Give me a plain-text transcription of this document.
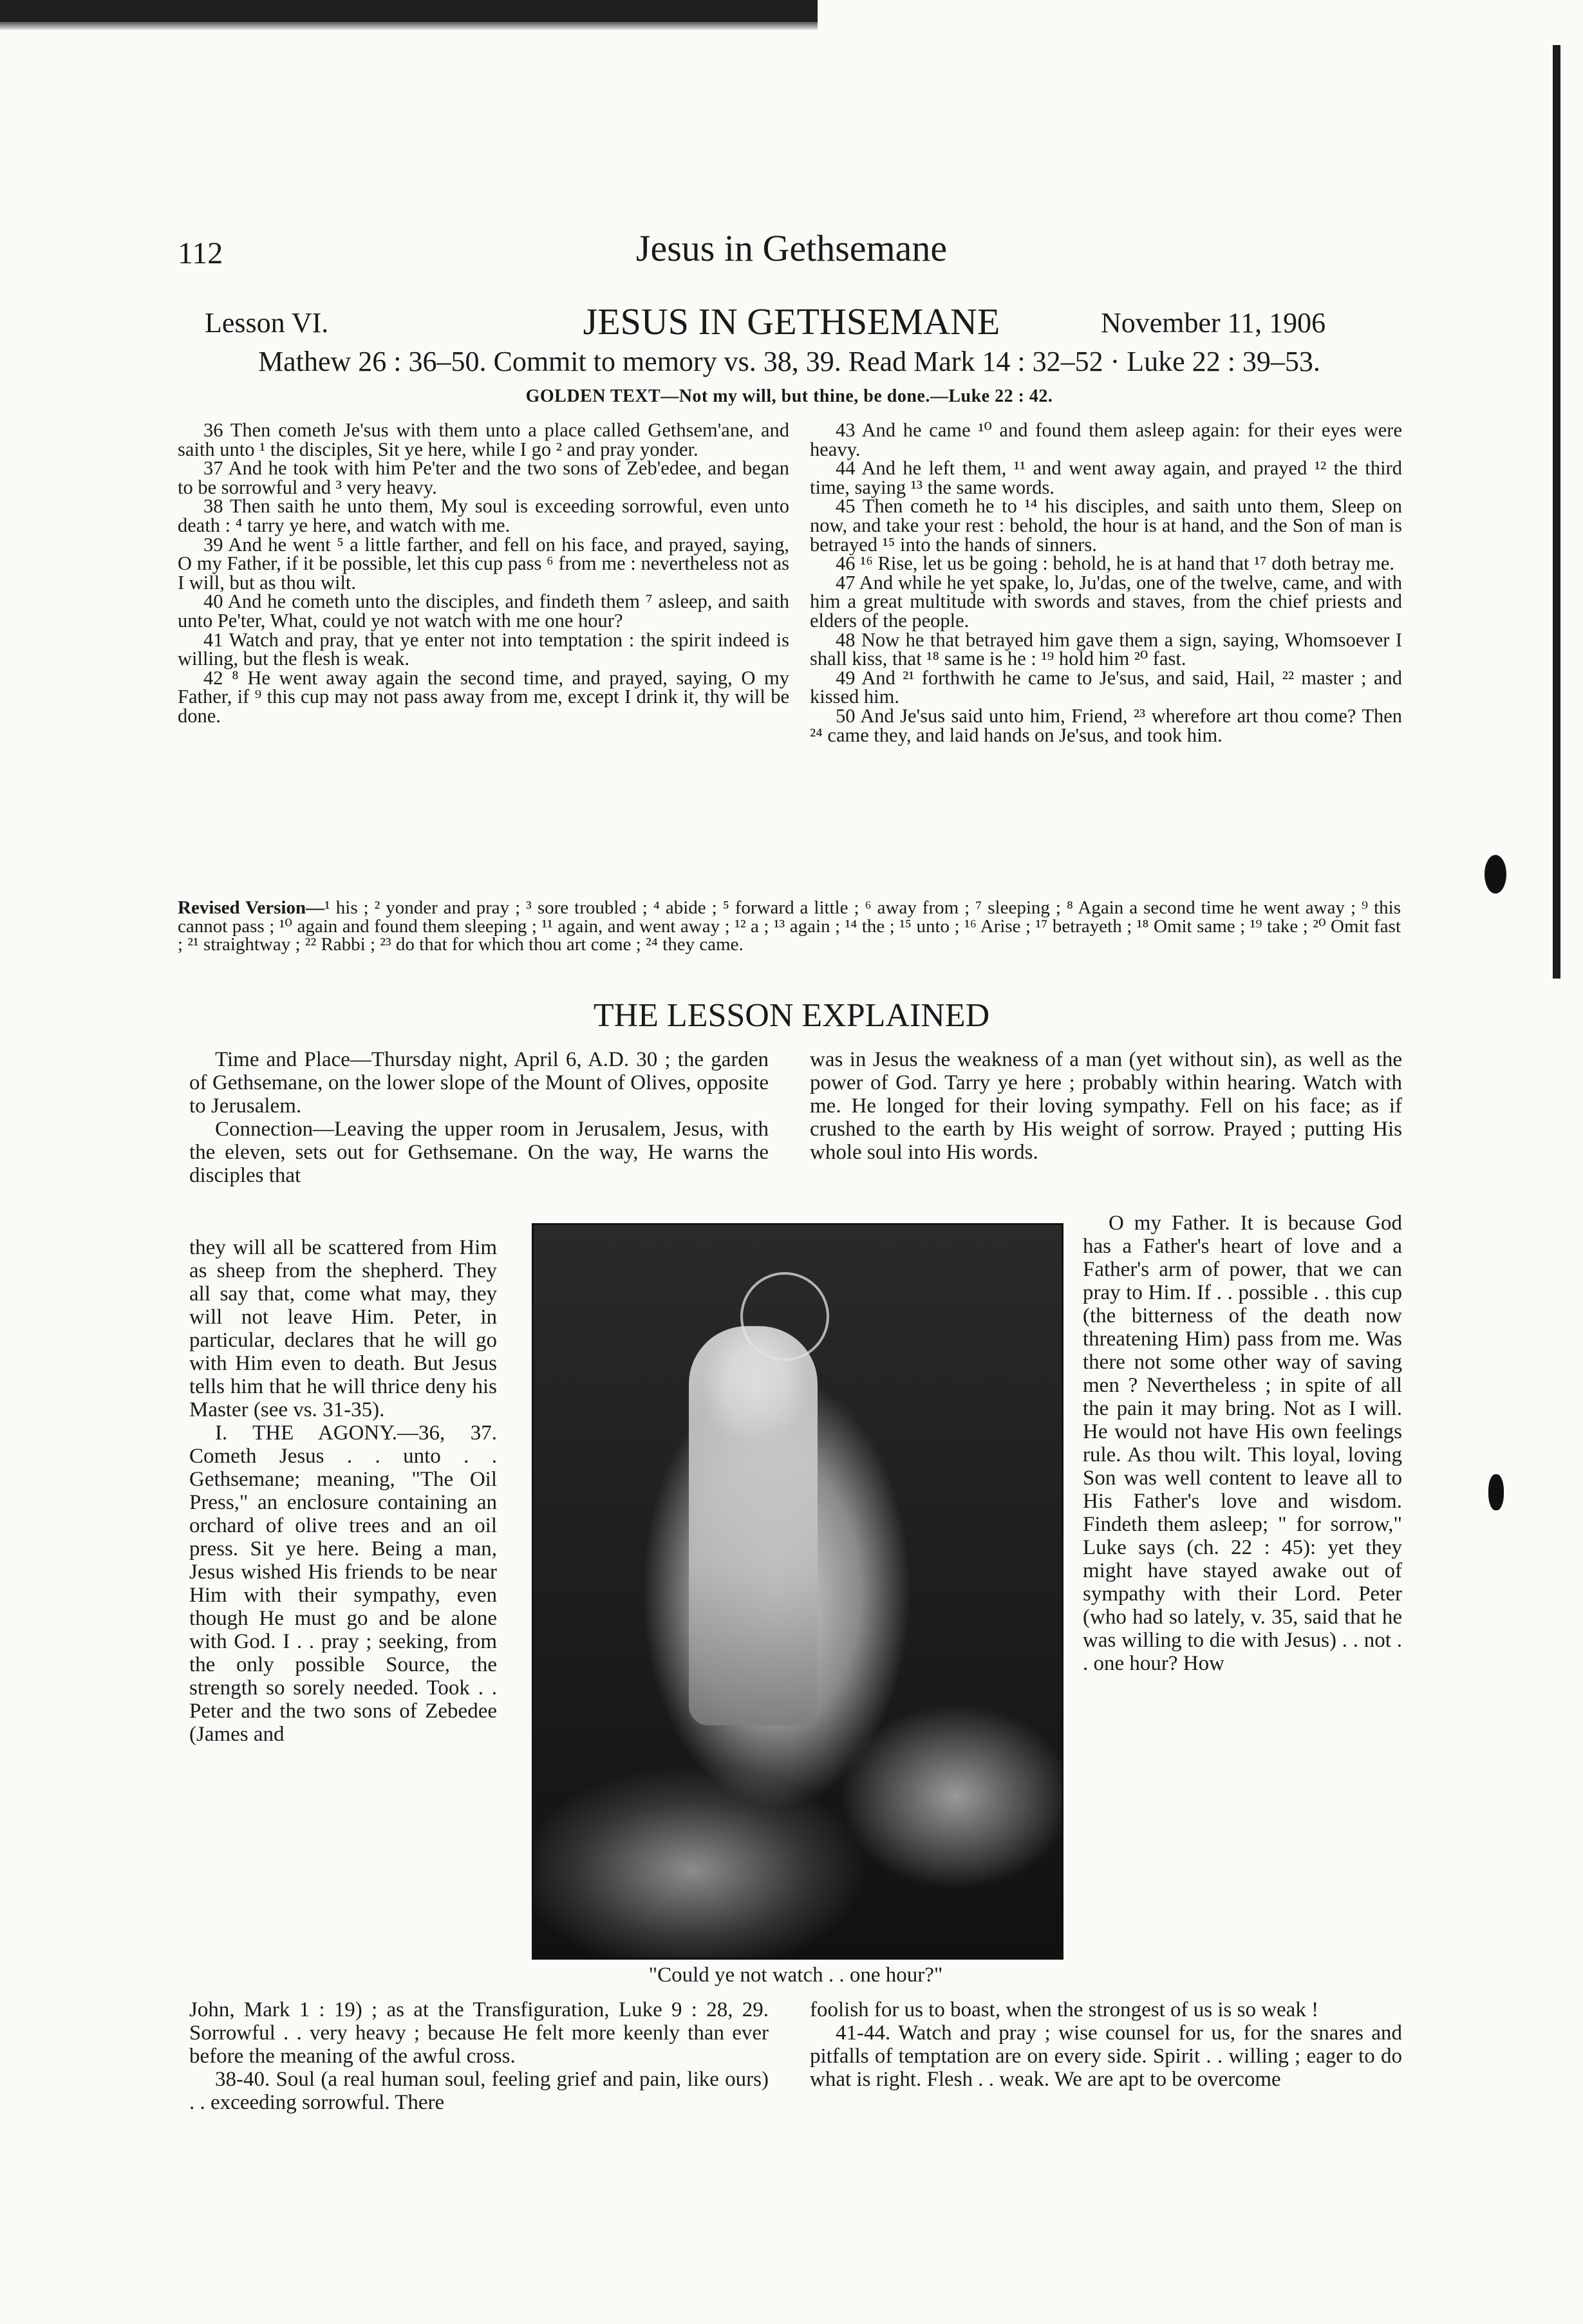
112	Jesus in Gethsemane
Lesson VI.	JESUS IN GETHSEMANE	November 11, 1906
Mathew 26 : 36–50. Commit to memory vs. 38, 39. Read Mark 14 : 32–52 · Luke 22 : 39–53.
GOLDEN TEXT—Not my will, but thine, be done.—Luke 22 : 42.

36 Then cometh Je'sus with them unto a place called Gethsem'ane, and saith unto ¹ the disciples, Sit ye here, while I go ² and pray yonder.

37 And he took with him Pe'ter and the two sons of Zeb'edee, and began to be sorrowful and ³ very heavy.

38 Then saith he unto them, My soul is exceeding sorrowful, even unto death : ⁴ tarry ye here, and watch with me.

39 And he went ⁵ a little farther, and fell on his face, and prayed, saying, O my Father, if it be possible, let this cup pass ⁶ from me : nevertheless not as I will, but as thou wilt.

40 And he cometh unto the disciples, and findeth them ⁷ asleep, and saith unto Pe'ter, What, could ye not watch with me one hour?

41 Watch and pray, that ye enter not into temptation : the spirit indeed is willing, but the flesh is weak.

42 ⁸ He went away again the second time, and prayed, saying, O my Father, if ⁹ this cup may not pass away from me, except I drink it, thy will be done.

43 And he came ¹⁰ and found them asleep again: for their eyes were heavy.

44 And he left them, ¹¹ and went away again, and prayed ¹² the third time, saying ¹³ the same words.

45 Then cometh he to ¹⁴ his disciples, and saith unto them, Sleep on now, and take your rest : behold, the hour is at hand, and the Son of man is betrayed ¹⁵ into the hands of sinners.

46 ¹⁶ Rise, let us be going : behold, he is at hand that ¹⁷ doth betray me.

47 And while he yet spake, lo, Ju'das, one of the twelve, came, and with him a great multitude with swords and staves, from the chief priests and elders of the people.

48 Now he that betrayed him gave them a sign, saying, Whomsoever I shall kiss, that ¹⁸ same is he : ¹⁹ hold him ²⁰ fast.

49 And ²¹ forthwith he came to Je'sus, and said, Hail, ²² master ; and kissed him.

50 And Je'sus said unto him, Friend, ²³ wherefore art thou come? Then ²⁴ came they, and laid hands on Je'sus, and took him.

Revised Version—¹ his ; ² yonder and pray ; ³ sore troubled ; ⁴ abide ; ⁵ forward a little ; ⁶ away from ; ⁷ sleeping ; ⁸ Again a second time he went away ; ⁹ this cannot pass ; ¹⁰ again and found them sleeping ; ¹¹ again, and went away ; ¹² a ; ¹³ again ; ¹⁴ the ; ¹⁵ unto ; ¹⁶ Arise ; ¹⁷ betrayeth ; ¹⁸ Omit same ; ¹⁹ take ; ²⁰ Omit fast ; ²¹ straightway ; ²² Rabbi ; ²³ do that for which thou art come ; ²⁴ they came.
THE LESSON EXPLAINED

Time and Place—Thursday night, April 6, A.D. 30 ; the garden of Gethsemane, on the lower slope of the Mount of Olives, opposite to Jerusalem.

Connection—Leaving the upper room in Jerusalem, Jesus, with the eleven, sets out for Gethsemane. On the way, He warns the disciples that

they will all be scattered from Him as sheep from the shepherd. They all say that, come what may, they will not leave Him. Peter, in particular, declares that he will go with Him even to death. But Jesus tells him that he will thrice deny his Master (see vs. 31-35).

I. THE AGONY.—36, 37. Cometh Jesus . . unto . . Gethsemane; meaning, "The Oil Press," an enclosure containing an orchard of olive trees and an oil press. Sit ye here. Being a man, Jesus wished His friends to be near Him with their sympathy, even though He must go and be alone with God. I . . pray ; seeking, from the only possible Source, the strength so sorely needed. Took . . Peter and the two sons of Zebedee (James and

"Could ye not watch . . one hour?"

John, Mark 1 : 19) ; as at the Transfiguration, Luke 9 : 28, 29. Sorrowful . . very heavy ; because He felt more keenly than ever before the meaning of the awful cross.

38-40. Soul (a real human soul, feeling grief and pain, like ours) . . exceeding sorrowful. There

was in Jesus the weakness of a man (yet without sin), as well as the power of God. Tarry ye here ; probably within hearing. Watch with me. He longed for their loving sympathy. Fell on his face; as if crushed to the earth by His weight of sorrow. Prayed ; putting His whole soul into His words.

O my Father. It is because God has a Father's heart of love and a Father's arm of power, that we can pray to Him. If . . possible . . this cup (the bitterness of the death now threatening Him) pass from me. Was there not some other way of saving men ? Nevertheless ; in spite of all the pain it may bring. Not as I will. He would not have His own feelings rule. As thou wilt. This loyal, loving Son was well content to leave all to His Father's love and wisdom. Findeth them asleep; " for sorrow," Luke says (ch. 22 : 45): yet they might have stayed awake out of sympathy with their Lord. Peter (who had so lately, v. 35, said that he was willing to die with Jesus) . . not . . one hour? How

foolish for us to boast, when the strongest of us is so weak !

41-44. Watch and pray ; wise counsel for us, for the snares and pitfalls of temptation are on every side. Spirit . . willing ; eager to do what is right. Flesh . . weak. We are apt to be overcome
